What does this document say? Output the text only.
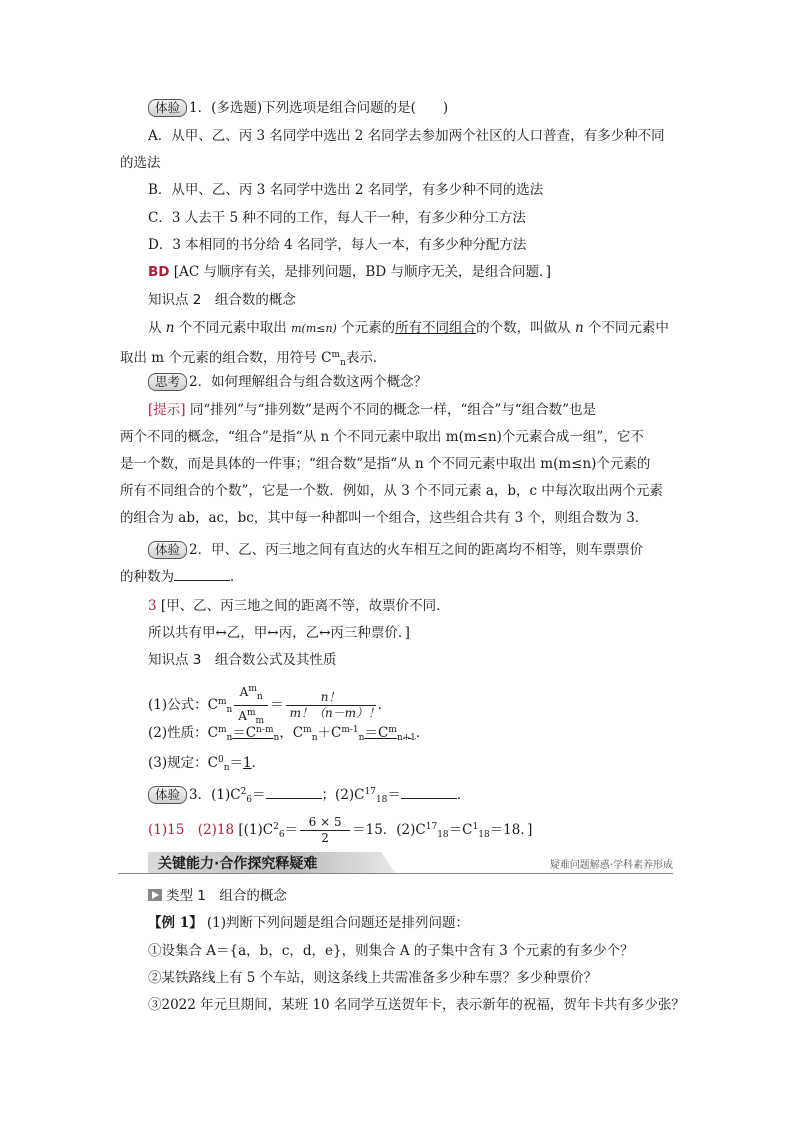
体验 1．(多选题)下列选项是组合问题的是(　　)
A．从甲、乙、丙 3 名同学中选出 2 名同学去参加两个社区的人口普查，有多少种不同
的选法
B．从甲、乙、丙 3 名同学中选出 2 名同学，有多少种不同的选法
C．3 人去干 5 种不同的工作，每人干一种，有多少种分工方法
D．3 本相同的书分给 4 名同学，每人一本，有多少种分配方法
BD [AC 与顺序有关，是排列问题，BD 与顺序无关，是组合问题．]
知识点 2　组合数的概念
从 n 个不同元素中取出 m(m≤n) 个元素的所有不同组合的个数，叫做从 n 个不同元素中
取出 m 个元素的组合数，用符号 $C^m_n$表示．
思考 2．如何理解组合与组合数这两个概念？
[提示] 同“排列”与“排列数”是两个不同的概念一样，“组合”与“组合数”也是
两个不同的概念，“组合”是指“从 n 个不同元素中取出 m(m≤n)个元素合成一组”，它不
是一个数，而是具体的一件事；“组合数”是指“从 n 个不同元素中取出 m(m≤n)个元素的
所有不同组合的个数”，它是一个数．例如，从 3 个不同元素 a，b，c 中每次取出两个元素
的组合为 ab，ac，bc，其中每一种都叫一个组合，这些组合共有 3 个，则组合数为 3．
体验 2．甲、乙、丙三地之间有直达的火车相互之间的距离均不相等，则车票票价
的种数为	．
3 [甲、乙、丙三地之间的距离不等，故票价不同．
所以共有甲↔乙，甲↔丙，乙↔丙三种票价．]
知识点 3　组合数公式及其性质
(1)公式：$C^m_n \frac{A^m_n}{A^m_m} = \frac{n!}{m!(n-m)!}$ ．
(2)性质：$C^m_n=C^{n-m}_n$，$C^m_n+C^{m-1}_n=C^m_{n+1}$．
(3)规定：$C^0_n=1$．
体验 3．$(1)C^2_6=$	；$(2)C^{17}_{18}=$	．
(1)15　(2)18 [$(1)C^2_6= \frac{6 \times 5}{2} =15$．$(2)C^{17}_{18}=C^1_{18}=18$．]
关键能力·合作探究释疑难	疑难问题解惑·学科素养形成
类型 1　组合的概念
【例 1】 (1)判断下列问题是组合问题还是排列问题：
①设集合 A＝{a，b，c，d，e}，则集合 A 的子集中含有 3 个元素的有多少个？
②某铁路线上有 5 个车站，则这条线上共需准备多少种车票？多少种票价？
③2022 年元旦期间，某班 10 名同学互送贺年卡，表示新年的祝福，贺年卡共有多少张？
